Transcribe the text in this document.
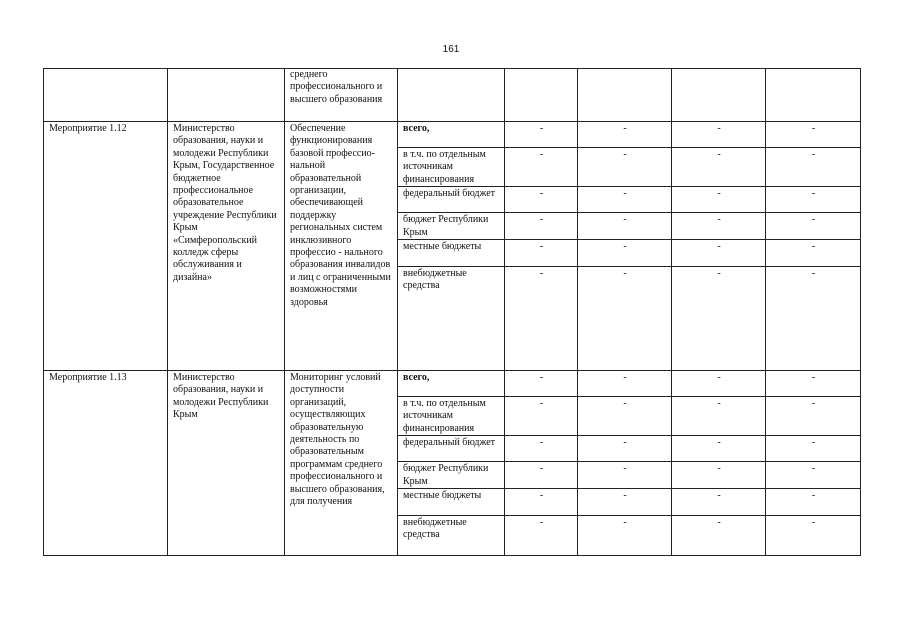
161
		среднего профессионального и высшего образования					
Мероприятие 1.12	Министерство образования, науки и молодежи Республики Крым, Государственное бюджетное профессиональное образовательное учреждение Республики Крым «Симферопольский колледж сферы обслуживания и дизайна»	Обеспечение функционирования базовой профессио-нальной образовательной организации, обеспечивающей поддержку региональных систем инклюзивного профессио - нального образования инвалидов и лиц с ограниченными возможностями здоровья	всего,	-	-	-	-
			в т.ч. по отдельным источникам финансирования	-	-	-	-
			федеральный бюджет	-	-	-	-
			бюджет Республики Крым	-	-	-	-
			местные бюджеты	-	-	-	-
			внебюджетные средства	-	-	-	-
Мероприятие 1.13	Министерство образования, науки и молодежи Республики Крым	Мониторинг условий доступности организаций, осуществляющих образовательную деятельность по образовательным программам среднего профессионального и высшего образования, для получения	всего,	-	-	-	-
			в т.ч. по отдельным источникам финансирования	-	-	-	-
			федеральный бюджет	-	-	-	-
			бюджет Республики Крым	-	-	-	-
			местные бюджеты	-	-	-	-
			внебюджетные средства	-	-	-	-
